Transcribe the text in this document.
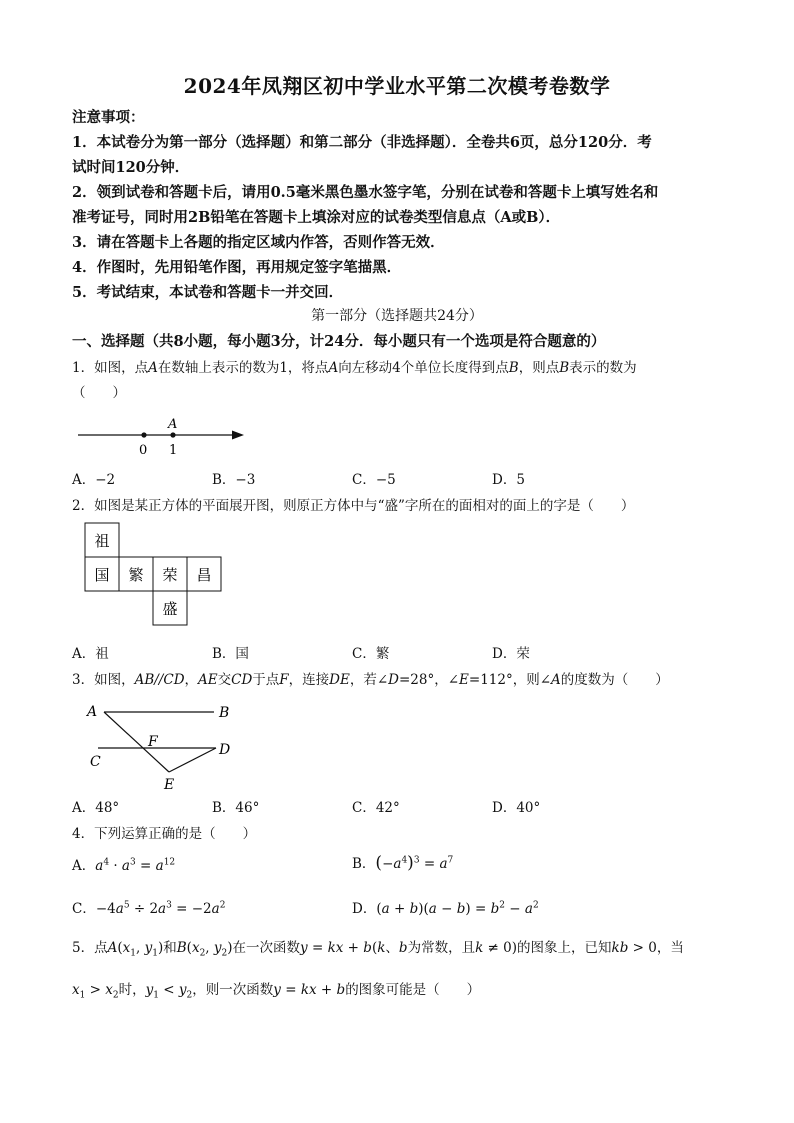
2024年凤翔区初中学业水平第二次模考卷数学
注意事项：
1．本试卷分为第一部分（选择题）和第二部分（非选择题）．全卷共6页，总分120分．考
试时间120分钟．
2．领到试卷和答题卡后，请用0.5毫米黑色墨水签字笔，分别在试卷和答题卡上填写姓名和
准考证号，同时用2B铅笔在答题卡上填涂对应的试卷类型信息点（A或B）．
3．请在答题卡上各题的指定区域内作答，否则作答无效．
4．作图时，先用铅笔作图，再用规定签字笔描黑．
5．考试结束，本试卷和答题卡一并交回．
第一部分（选择题共24分）
一、选择题（共8小题，每小题3分，计24分．每小题只有一个选项是符合题意的）
1．如图，点A在数轴上表示的数为1，将点A向左移动4个单位长度得到点B，则点B表示的数为
（　　）
A
0 1
A．−2	B．−3	C．−5	D．5
2．如图是某正方体的平面展开图，则原正方体中与“盛”字所在的面相对的面上的字是（　　）
祖
国 繁 荣 昌
盛
A．祖	B．国	C．繁	D．荣
3．如图，AB//CD，AE交CD于点F，连接DE，若∠D=28°，∠E=112°，则∠A的度数为（　　）
A	B
C
D
E
F
A．48°	B．46°	C．42°	D．40°
4．下列运算正确的是（　　）
A．$a^4 \cdot a^3 = a^{12}$	B．$(-a^4)^3 = a^7$
C．$-4a^5 \div 2a^3 = -2a^2$	D．$(a + b)(a - b) = b^2 - a^2$
5．点$A(x_1$, $y_1$)和$B(x_2$, $y_2$)在一次函数y = kx + b(k、b为常数，且k ≠ 0)的图象上，已知kb > 0，当
$x_1 > x_2$时，$y_1 < y_2$，则一次函数y = kx + b的图象可能是（　　）
